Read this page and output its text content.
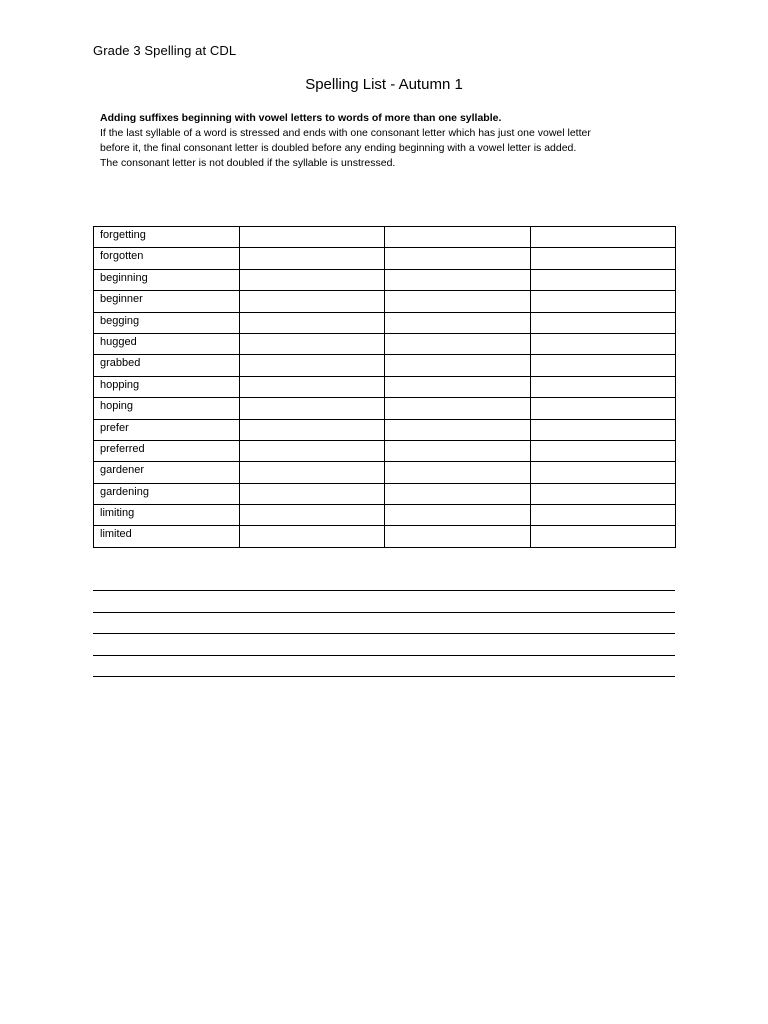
Grade 3 Spelling at CDL
Spelling List - Autumn 1
Adding suffixes beginning with vowel letters to words of more than one syllable.
If the last syllable of a word is stressed and ends with one consonant letter which has just one vowel letter
before it, the final consonant letter is doubled before any ending beginning with a vowel letter is added.
The consonant letter is not doubled if the syllable is unstressed.
forgetting			
forgotten			
beginning			
beginner			
begging			
hugged			
grabbed			
hopping			
hoping			
prefer			
preferred			
gardener			
gardening			
limiting			
limited			
